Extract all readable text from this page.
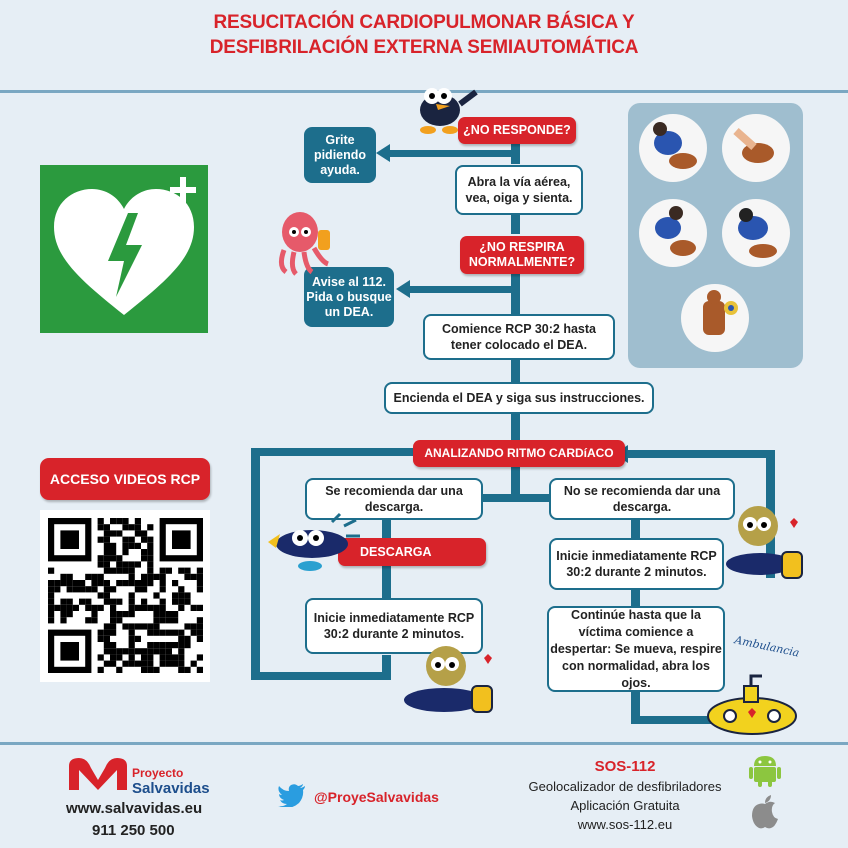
RESUCITACIÓN CARDIOPULMONAR BÁSICA Y
DESFIBRILACIÓN EXTERNA SEMIAUTOMÁTICA
ACCESO VIDEOS RCP
¿NO RESPONDE?
Grite pidiendo ayuda.
Abra la vía aérea, vea, oiga y sienta.
¿NO RESPIRA NORMALMENTE?
Avise al 112. Pida o busque un DEA.
Comience RCP 30:2 hasta tener colocado el DEA.
Encienda el DEA y siga sus instrucciones.
ANALIZANDO RITMO CARDíACO
Se recomienda dar una descarga.
No se recomienda dar una descarga.
DESCARGA
Inicie inmediatamente RCP 30:2 durante 2 minutos.
Inicie inmediatamente RCP 30:2 durante 2 minutos.
Continúe hasta que la víctima comience a despertar: Se mueva, respire con normalidad, abra los ojos.
Ambulancia
Proyecto
Salvavidas
www.salvavidas.eu
911 250 500
@ProyeSalvavidas
SOS-112
Geolocalizador de desfibriladores
Aplicación Gratuita
www.sos-112.eu
